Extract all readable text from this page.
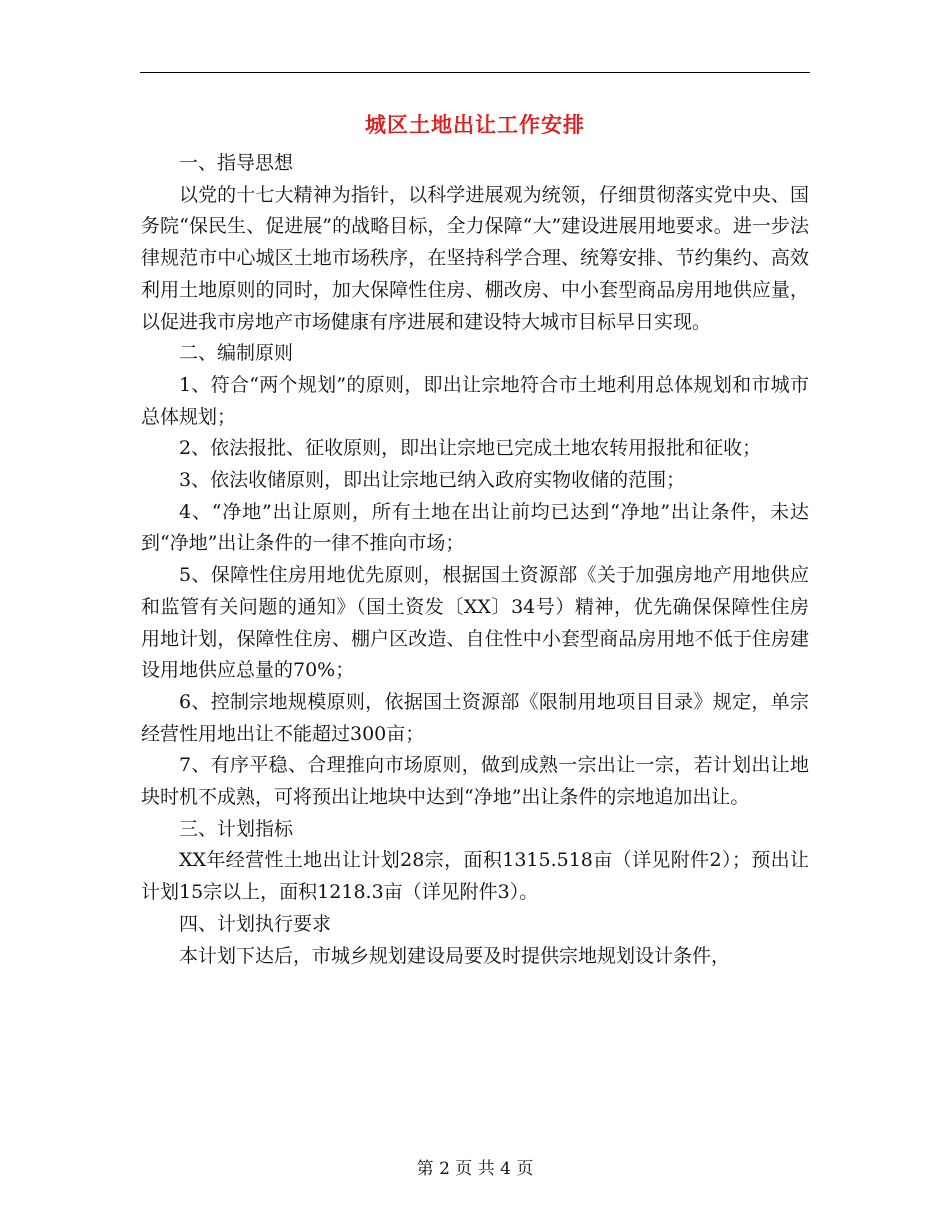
城区土地出让工作安排

一、指导思想

以党的十七大精神为指针，以科学进展观为统领，仔细贯彻落实党中央、国务院“保民生、促进展”的战略目标，全力保障“大”建设进展用地要求。进一步法律规范市中心城区土地市场秩序，在坚持科学合理、统筹安排、节约集约、高效利用土地原则的同时，加大保障性住房、棚改房、中小套型商品房用地供应量，以促进我市房地产市场健康有序进展和建设特大城市目标早日实现。

二、编制原则

1、符合“两个规划”的原则，即出让宗地符合市土地利用总体规划和市城市总体规划；

2、依法报批、征收原则，即出让宗地已完成土地农转用报批和征收；

3、依法收储原则，即出让宗地已纳入政府实物收储的范围；

4、“净地”出让原则，所有土地在出让前均已达到“净地”出让条件，未达到“净地”出让条件的一律不推向市场；

5、保障性住房用地优先原则，根据国土资源部《关于加强房地产用地供应和监管有关问题的通知》（国土资发〔XX〕34号）精神，优先确保保障性住房用地计划，保障性住房、棚户区改造、自住性中小套型商品房用地不低于住房建设用地供应总量的70%；

6、控制宗地规模原则，依据国土资源部《限制用地项目目录》规定，单宗经营性用地出让不能超过300亩；

7、有序平稳、合理推向市场原则，做到成熟一宗出让一宗，若计划出让地块时机不成熟，可将预出让地块中达到“净地”出让条件的宗地追加出让。

三、计划指标

XX年经营性土地出让计划28宗，面积1315.518亩（详见附件2）；预出让计划15宗以上，面积1218.3亩（详见附件3）。

四、计划执行要求

本计划下达后，市城乡规划建设局要及时提供宗地规划设计条件，

第 2 页 共 4 页
